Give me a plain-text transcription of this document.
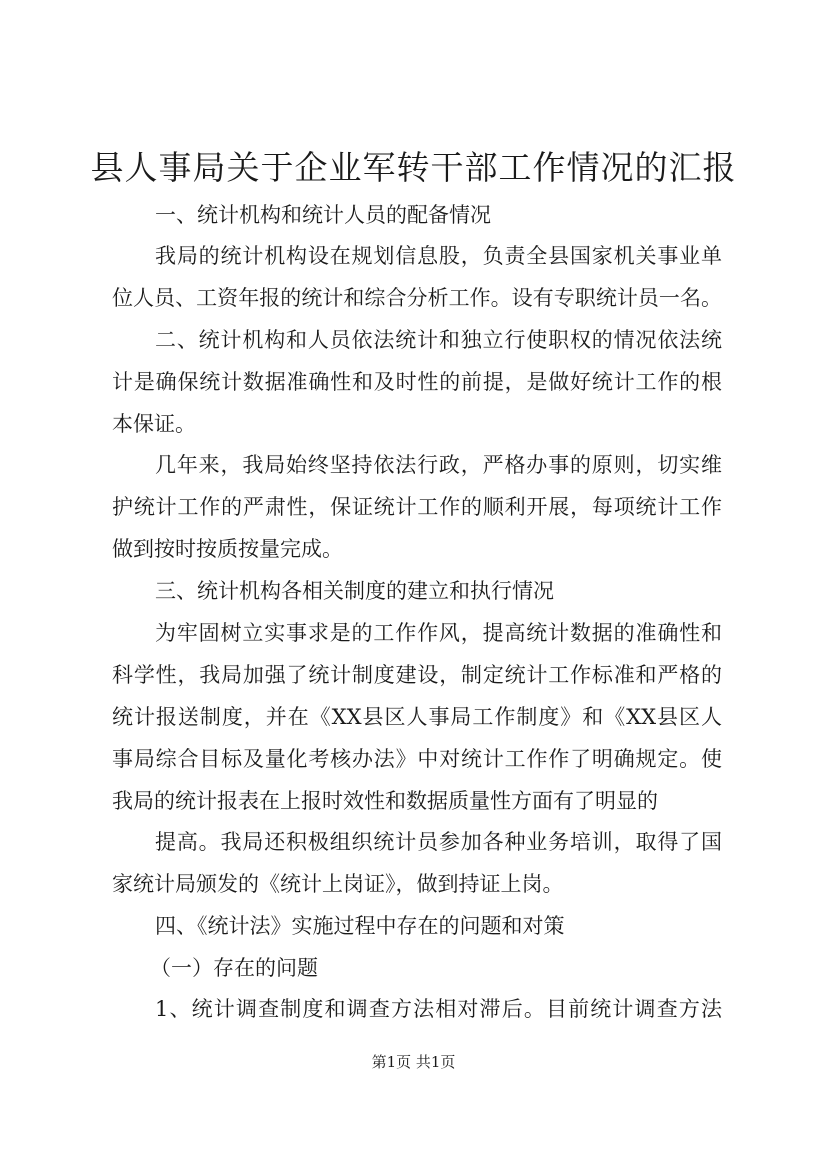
县人事局关于企业军转干部工作情况的汇报

一、统计机构和统计人员的配备情况

我局的统计机构设在规划信息股，负责全县国家机关事业单

位人员、工资年报的统计和综合分析工作。设有专职统计员一名。

二、统计机构和人员依法统计和独立行使职权的情况依法统

计是确保统计数据准确性和及时性的前提，是做好统计工作的根

本保证。

几年来，我局始终坚持依法行政，严格办事的原则，切实维

护统计工作的严肃性，保证统计工作的顺利开展，每项统计工作

做到按时按质按量完成。

三、统计机构各相关制度的建立和执行情况

为牢固树立实事求是的工作作风，提高统计数据的准确性和

科学性，我局加强了统计制度建设，制定统计工作标准和严格的

统计报送制度，并在《XX县区人事局工作制度》和《XX县区人

事局综合目标及量化考核办法》中对统计工作作了明确规定。使

我局的统计报表在上报时效性和数据质量性方面有了明显的

提高。我局还积极组织统计员参加各种业务培训，取得了国

家统计局颁发的《统计上岗证》，做到持证上岗。

四、《统计法》实施过程中存在的问题和对策

（一）存在的问题

1、统计调查制度和调查方法相对滞后。目前统计调查方法

第1页 共1页
